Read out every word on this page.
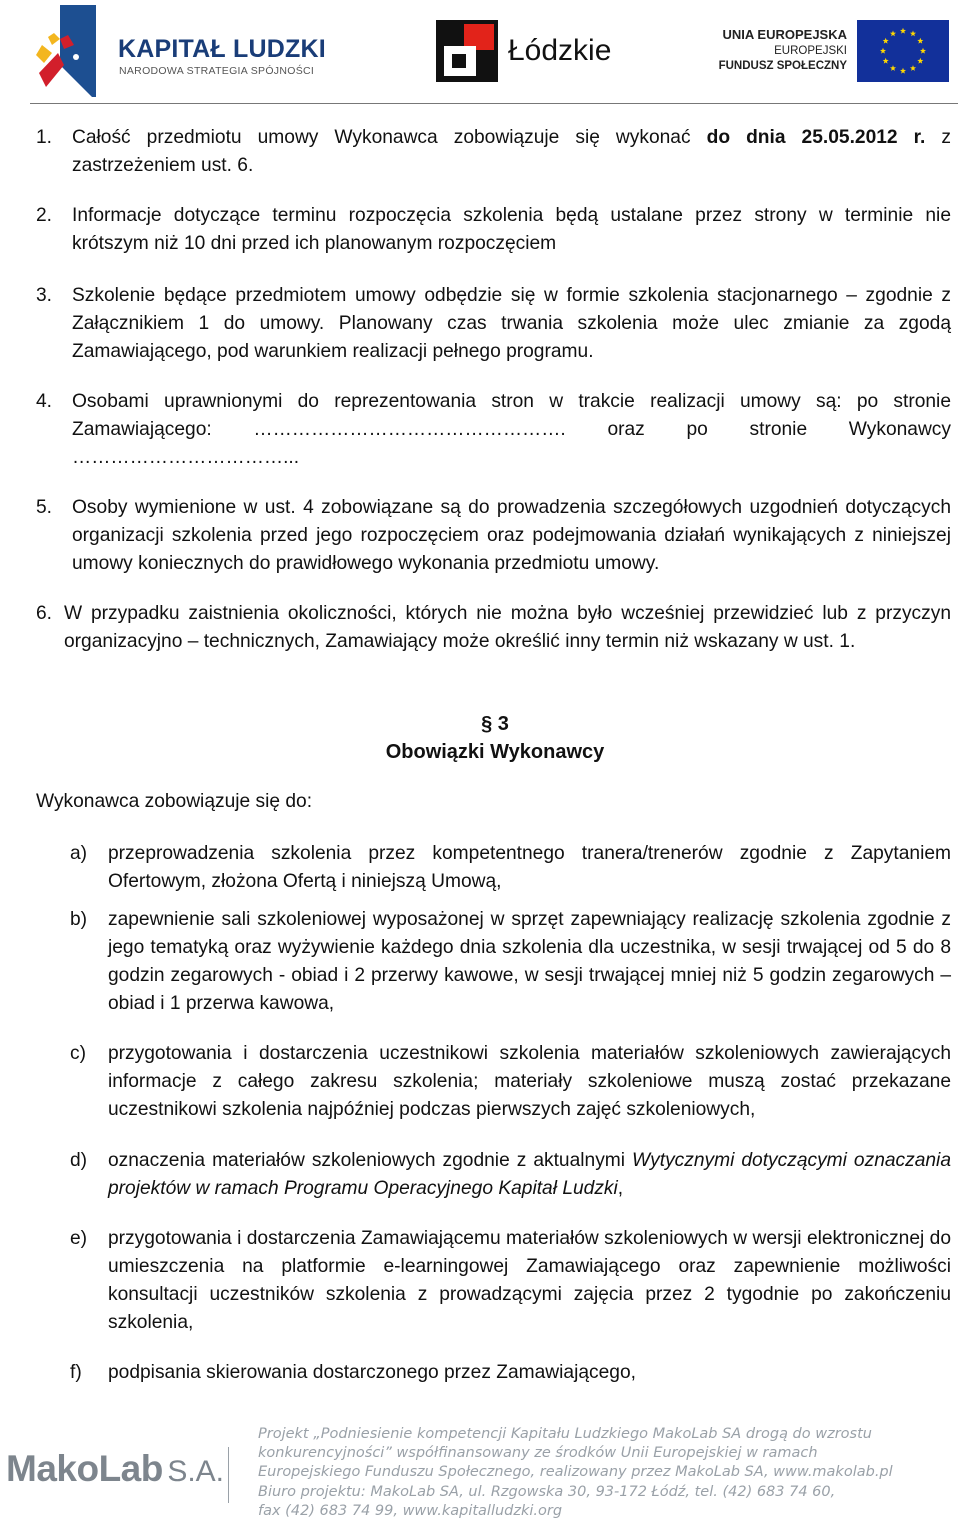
KAPITAŁ LUDZKI
NARODOWA STRATEGIA SPÓJNOŚCI
Łódzkie	UNIA EUROPEJSKA
EUROPEJSKI
FUNDUSZ SPOŁECZNY
1. Całość przedmiotu umowy Wykonawca zobowiązuje się wykonać do dnia 25.05.2012 r. z zastrzeżeniem ust. 6.
2. Informacje dotyczące terminu rozpoczęcia szkolenia będą ustalane przez strony w terminie nie krótszym niż 10 dni przed ich planowanym rozpoczęciem
3. Szkolenie będące przedmiotem umowy odbędzie się w formie szkolenia stacjonarnego – zgodnie z Załącznikiem 1 do umowy. Planowany czas trwania szkolenia może ulec zmianie za zgodą Zamawiającego, pod warunkiem realizacji pełnego programu.
4. Osobami uprawnionymi do reprezentowania stron w trakcie realizacji umowy są: po stronie Zamawiającego: …………………………………………. oraz po stronie Wykonawcy ……………………………...
5. Osoby wymienione w ust. 4 zobowiązane są do prowadzenia szczegółowych uzgodnień dotyczących organizacji szkolenia przed jego rozpoczęciem oraz podejmowania działań wynikających z niniejszej umowy koniecznych do prawidłowego wykonania przedmiotu umowy.
6. W przypadku zaistnienia okoliczności, których nie można było wcześniej przewidzieć lub z przyczyn organizacyjno – technicznych, Zamawiający może określić inny termin niż wskazany w ust. 1.
§ 3
Obowiązki Wykonawcy
Wykonawca zobowiązuje się do:
a) przeprowadzenia szkolenia przez kompetentnego tranera/trenerów zgodnie z Zapytaniem Ofertowym, złożona Ofertą i niniejszą Umową,
b) zapewnienie sali szkoleniowej wyposażonej w sprzęt zapewniający realizację szkolenia zgodnie z jego tematyką oraz wyżywienie każdego dnia szkolenia dla uczestnika, w sesji trwającej od 5 do 8 godzin zegarowych - obiad i 2 przerwy kawowe, w sesji trwającej mniej niż 5 godzin zegarowych – obiad i 1 przerwa kawowa,
c) przygotowania i dostarczenia uczestnikowi szkolenia materiałów szkoleniowych zawierających informacje z całego zakresu szkolenia; materiały szkoleniowe muszą zostać przekazane uczestnikowi szkolenia najpóźniej podczas pierwszych zajęć szkoleniowych,
d) oznaczenia materiałów szkoleniowych zgodnie z aktualnymi Wytycznymi dotyczącymi oznaczania projektów w ramach Programu Operacyjnego Kapitał Ludzki,
e) przygotowania i dostarczenia Zamawiającemu materiałów szkoleniowych w wersji elektronicznej do umieszczenia na platformie e-learningowej Zamawiającego oraz zapewnienie możliwości konsultacji uczestników szkolenia z prowadzącymi zajęcia przez 2 tygodnie po zakończeniu szkolenia,
f) podpisania skierowania dostarczonego przez Zamawiającego,
MakoLab S.A.
Projekt „Podniesienie kompetencji Kapitału Ludzkiego MakoLab SA drogą do wzrostu
konkurencyjności” współfinansowany ze środków Unii Europejskiej w ramach
Europejskiego Funduszu Społecznego, realizowany przez MakoLab SA, www.makolab.pl
Biuro projektu: MakoLab SA, ul. Rzgowska 30, 93-172 Łódź, tel. (42) 683 74 60,
fax (42) 683 74 99, www.kapitalludzki.org
